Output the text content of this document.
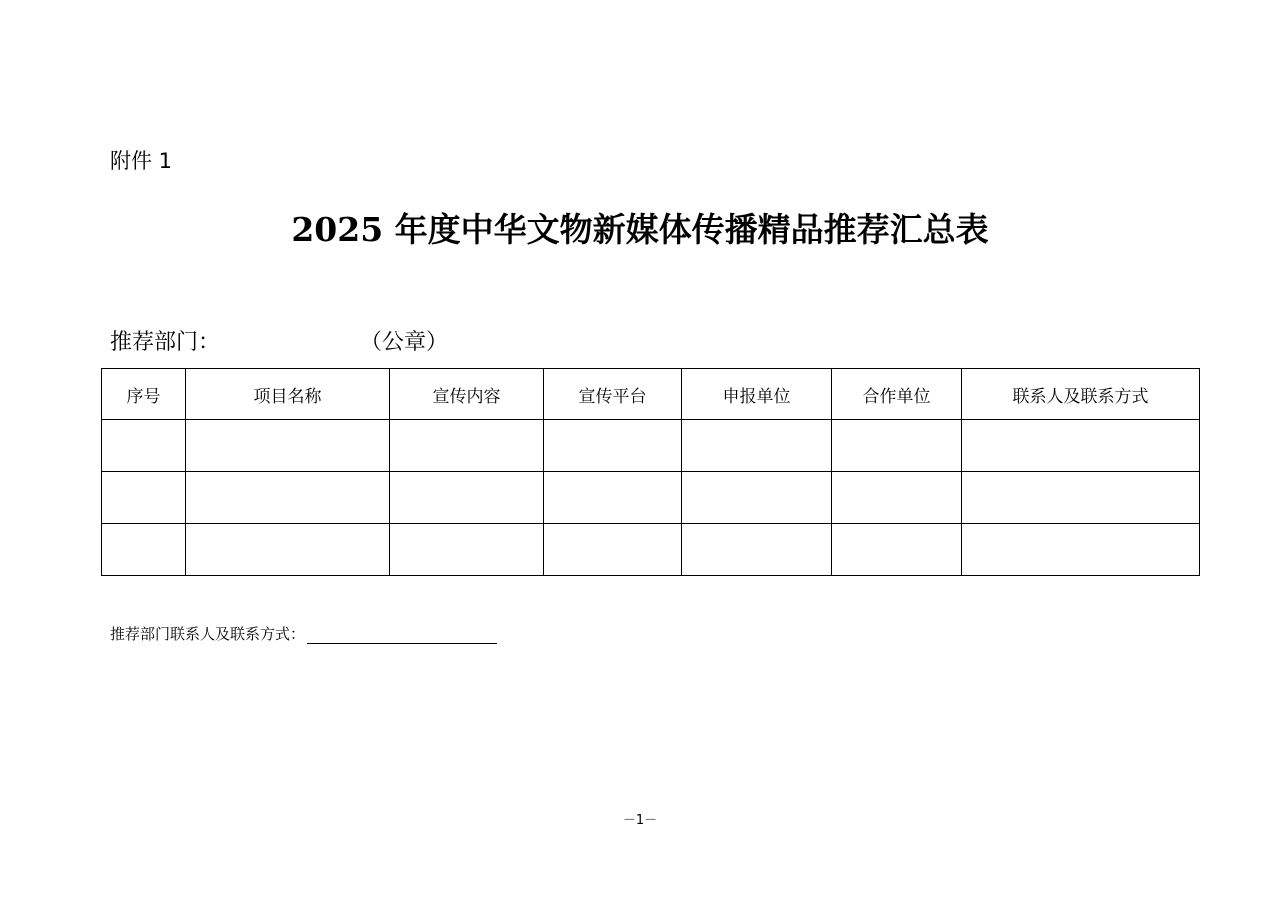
附件 1
2025 年度中华文物新媒体传播精品推荐汇总表
推荐部门：	（公章）
序号	项目名称	宣传内容	宣传平台	申报单位	合作单位	联系人及联系方式

推荐部门联系人及联系方式：
－1－
